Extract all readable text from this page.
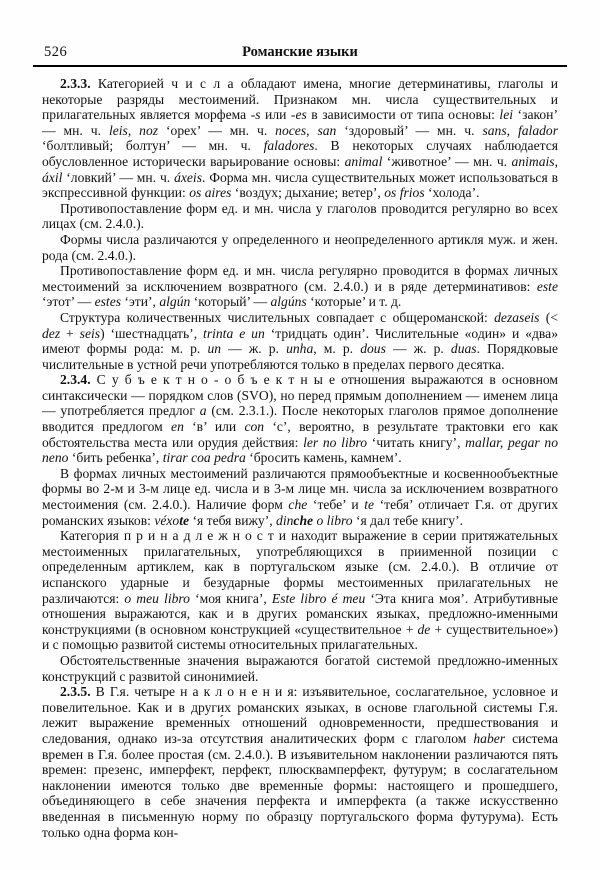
526	Романские языки

2.3.3. Категорией ч и с л а обладают имена, многие детерминативы, глаголы и некоторые разряды местоимений. Признаком мн. числа существительных и прилагательных является морфема -s или -es в зависимости от типа основы: lei ‘закон’ — мн. ч. leis, noz ‘орех’ — мн. ч. noces, san ‘здоровый’ — мн. ч. sans, falador ‘болтливый; болтун’ — мн. ч. faladores. В некоторых случаях наблюдается обусловленное исторически варьирование основы: animal ‘животное’ — мн. ч. animais, áxil ‘ловкий’ — мн. ч. áxeis. Форма мн. числа существительных может использоваться в экспрессивной функции: os aires ‘воздух; дыхание; ветер’, os frios ‘холода’.

Противопоставление форм ед. и мн. числа у глаголов проводится регулярно во всех лицах (см. 2.4.0.).

Формы числа различаются у определенного и неопределенного артикля муж. и жен. рода (см. 2.4.0.).

Противопоставление форм ед. и мн. числа регулярно проводится в формах личных местоимений за исключением возвратного (см. 2.4.0.) и в ряде детерминативов: este ‘этот’ — estes ‘эти’, algún ‘который’ — algúns ‘которые’ и т. д.

Структура количественных числительных совпадает с общероманской: dezaseis (< dez + seis) ‘шестнадцать’, trinta e un ‘тридцать один’. Числительные «один» и «два» имеют формы рода: м. р. un — ж. р. unha, м. р. dous — ж. р. duas. Порядковые числительные в устной речи употребляются только в пределах первого десятка.

2.3.4. С у б ъ е к т н о - о б ъ е к т н ы е отношения выражаются в основном синтаксически — порядком слов (SVO), но перед прямым дополнением — именем лица — употребляется предлог a (см. 2.3.1.). После некоторых глаголов прямое дополнение вводится предлогом en ‘в’ или con ‘с’, вероятно, в результате трактовки его как обстоятельства места или орудия действия: ler no libro ‘читать книгу’, mallar, pegar no neno ‘бить ребенка’, tirar coa pedra ‘бросить камень, камнем’.

В формах личных местоимений различаются прямообъектные и косвеннообъектные формы во 2-м и 3-м лице ед. числа и в 3-м лице мн. числа за исключением возвратного местоимения (см. 2.4.0.). Наличие форм che ‘тебе’ и te ‘тебя’ отличает Г.я. от других романских языков: véxote ‘я тебя вижу’, dinche o libro ‘я дал тебе книгу’.

Категория п р и н а д л е ж н о с т и находит выражение в серии притяжательных местоименных прилагательных, употребляющихся в приименной позиции с определенным артиклем, как в португальском языке (см. 2.4.0.). В отличие от испанского ударные и безударные формы местоименных прилагательных не различаются: o meu libro ‘моя книга’, Este libro é meu ‘Эта книга моя’. Атрибутивные отношения выражаются, как и в других романских языках, предложно-именными конструкциями (в основном конструкцией «существительное + de + существительное») и с помощью развитой системы относительных прилагательных.

Обстоятельственные значения выражаются богатой системой предложно-именных конструкций с развитой синонимией.

2.3.5. В Г.я. четыре н а к л о н е н и я: изъявительное, сослагательное, условное и повелительное. Как и в других романских языках, в основе глагольной системы Г.я. лежит выражение временны́х отношений одновременности, предшествования и следования, однако из-за отсутствия аналитических форм с глаголом haber система времен в Г.я. более простая (см. 2.4.0.). В изъявительном наклонении различаются пять времен: презенс, имперфект, перфект, плюсквамперфект, футурум; в сослагательном наклонении имеются только две временны́е формы: настоящего и прошедшего, объединяющего в себе значения перфекта и имперфекта (а также искусственно введенная в письменную норму по образцу португальского форма футурума). Есть только одна форма кон-
